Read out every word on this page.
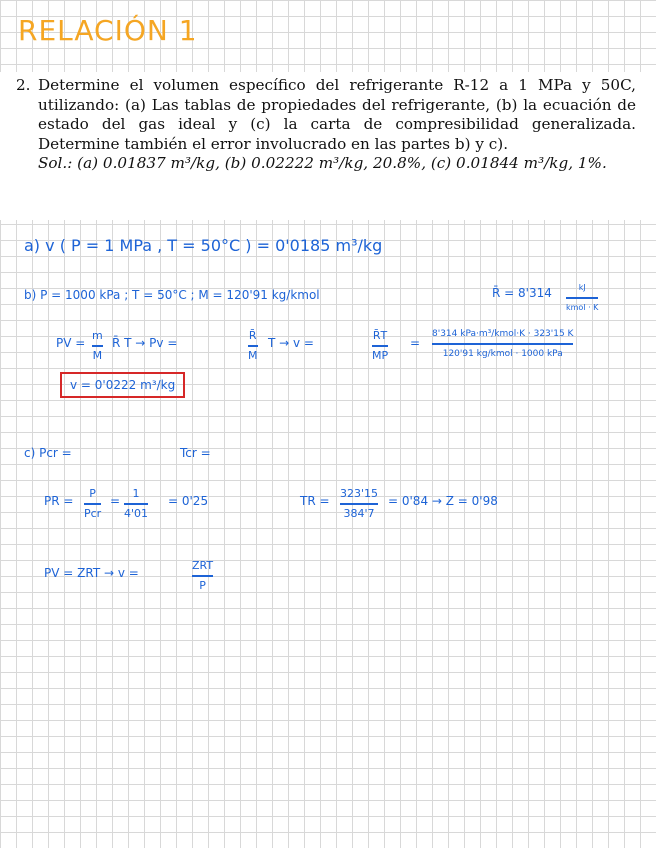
RELACIÓN 1
2. Determine el volumen específico del refrigerante R-12 a 1 MPa y 50C, utilizando: (a) Las tablas de propiedades del refrigerante, (b) la ecuación de estado del gas ideal y (c) la carta de compresibilidad generalizada. Determine también el error involucrado en las partes b) y c).
Sol.: (a) 0.01837 m³/kg, (b) 0.02222 m³/kg, 20.8%, (c) 0.01844 m³/kg, 1%.
a) v ( P = 1 MPa , T = 50°C ) = 0'0185 m³/kg
b) P = 1000 kPa ; T = 50°C ; M = 120'91 kg/kmol	R̄ = 8'314	kJ
kmol · K
PV =
m
M
R̄ T → Pv =
R̄
M
T → v =
R̄T
MP
=
8'314 kPa·m³/kmol·K · 323'15 K
120'91 kg/kmol · 1000 kPa
v = 0'0222 m³/kg
c) Pcr =	Tcr =
PR =
P
Pcr
=
1
4'01
= 0'25	TR =
323'15
384'7
= 0'84 → Z = 0'98
PV = ZRT → v =
ZRT
P
